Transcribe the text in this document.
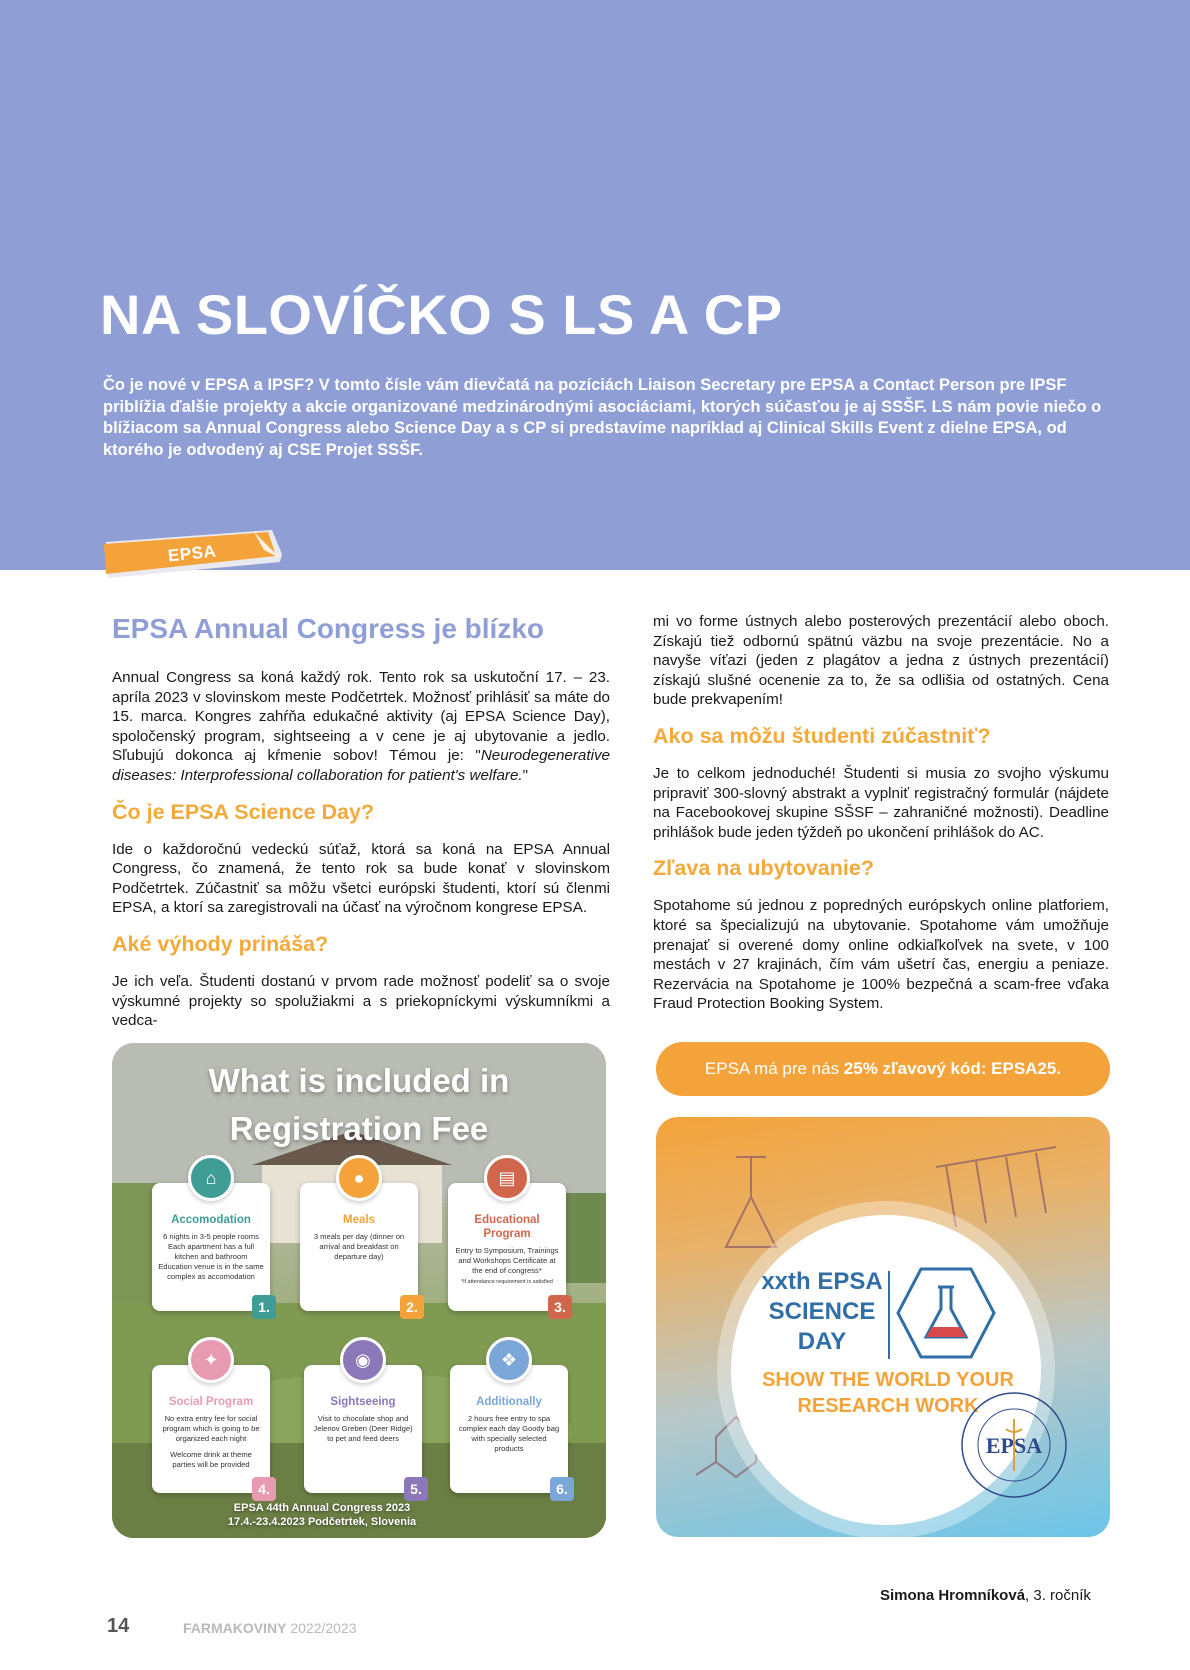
NA SLOVÍČKO S LS A CP

Čo je nové v EPSA a IPSF? V tomto čísle vám dievčatá na pozíciách Liaison Secretary pre EPSA a Contact Person pre IPSF priblížia ďalšie projekty a akcie organizované medzinárodnými asociáciami, ktorých súčasťou je aj SSŠF. LS nám povie niečo o blížiacom sa Annual Congress alebo Science Day a s CP si predstavíme napríklad aj Clinical Skills Event z dielne EPSA, od ktorého je odvodený aj CSE Projet SSŠF.

EPSA
EPSA Annual Congress je blízko

Annual Congress sa koná každý rok. Tento rok sa uskutoční 17. – 23. apríla 2023 v slovinskom meste Podčetrtek. Možnosť prihlásiť sa máte do 15. marca. Kongres zahŕňa edukačné aktivity (aj EPSA Science Day), spoločenský program, sightseeing a v cene je aj ubytovanie a jedlo. Sľubujú dokonca aj kŕmenie sobov! Témou je: "Neurodegenerative diseases: Interprofessional collaboration for patient's welfare."

Čo je EPSA Science Day?

Ide o každoročnú vedeckú súťaž, ktorá sa koná na EPSA Annual Congress, čo znamená, že tento rok sa bude konať v slovinskom Podčetrtek. Zúčastniť sa môžu všetci európski študenti, ktorí sú členmi EPSA, a ktorí sa zaregistrovali na účasť na výročnom kongrese EPSA.

Aké výhody prináša?

Je ich veľa. Študenti dostanú v prvom rade možnosť podeliť sa o svoje výskumné projekty so spolužiakmi a s priekopníckymi výskumníkmi a vedca-

mi vo forme ústnych alebo posterových prezentácií alebo oboch. Získajú tiež odbornú spätnú väzbu na svoje prezentácie. No a navyše víťazi (jeden z plagátov a jedna z ústnych prezentácií) získajú slušné ocenenie za to, že sa odlišia od ostatných. Cena bude prekvapením!

Ako sa môžu študenti zúčastniť?

Je to celkom jednoduché! Študenti si musia zo svojho výskumu pripraviť 300-slovný abstrakt a vyplniť registračný formulár (nájdete na Facebookovej skupine SŠSF – zahraničné možnosti). Deadline prihlášok bude jeden týždeň po ukončení prihlášok do AC.

Zľava na ubytovanie?

Spotahome sú jednou z popredných európskych online platforiem, ktoré sa špecializujú na ubytovanie. Spotahome vám umožňuje prenajať si overené domy online odkiaľkoľvek na svete, v 100 mestách v 27 krajinách, čím vám ušetrí čas, energiu a peniaze. Rezervácia na Spotahome je 100% bezpečná a scam-free vďaka Fraud Protection Booking System.

EPSA má pre nás 25% zľavový kód: EPSA25.
What is included in
Registration Fee
⌂
Accomodation
6 nights in 3-5 people rooms Each apartment has a full kitchen and bathroom Education venue is in the same complex as accomodation
1.
●
Meals
3 meals per day (dinner on arrival and breakfast on departure day)
2.
▤
Educational Program
Entry to Symposium, Trainings and Workshops Certificate at the end of congress*
*if attendance requirement is satisfied
3.
✦
Social Program
No extra entry fee for social program which is going to be organized each night
Welcome drink at theme parties will be provided
4.
◉
Sightseeing
Visit to chocolate shop and Jelenov Greben (Deer Ridge) to pet and feed deers
5.
❖
Additionally
2 hours free entry to spa complex each day Goody bag with specially selected products
6.
EPSA 44th Annual Congress 2023
17.4.-23.4.2023 Podčetrtek, Slovenia
xxth EPSA SCIENCE DAY
SHOW THE WORLD YOUR RESEARCH WORK
EPSA
Simona Hromníková, 3. ročník
14	FARMAKOVINY 2022/2023
